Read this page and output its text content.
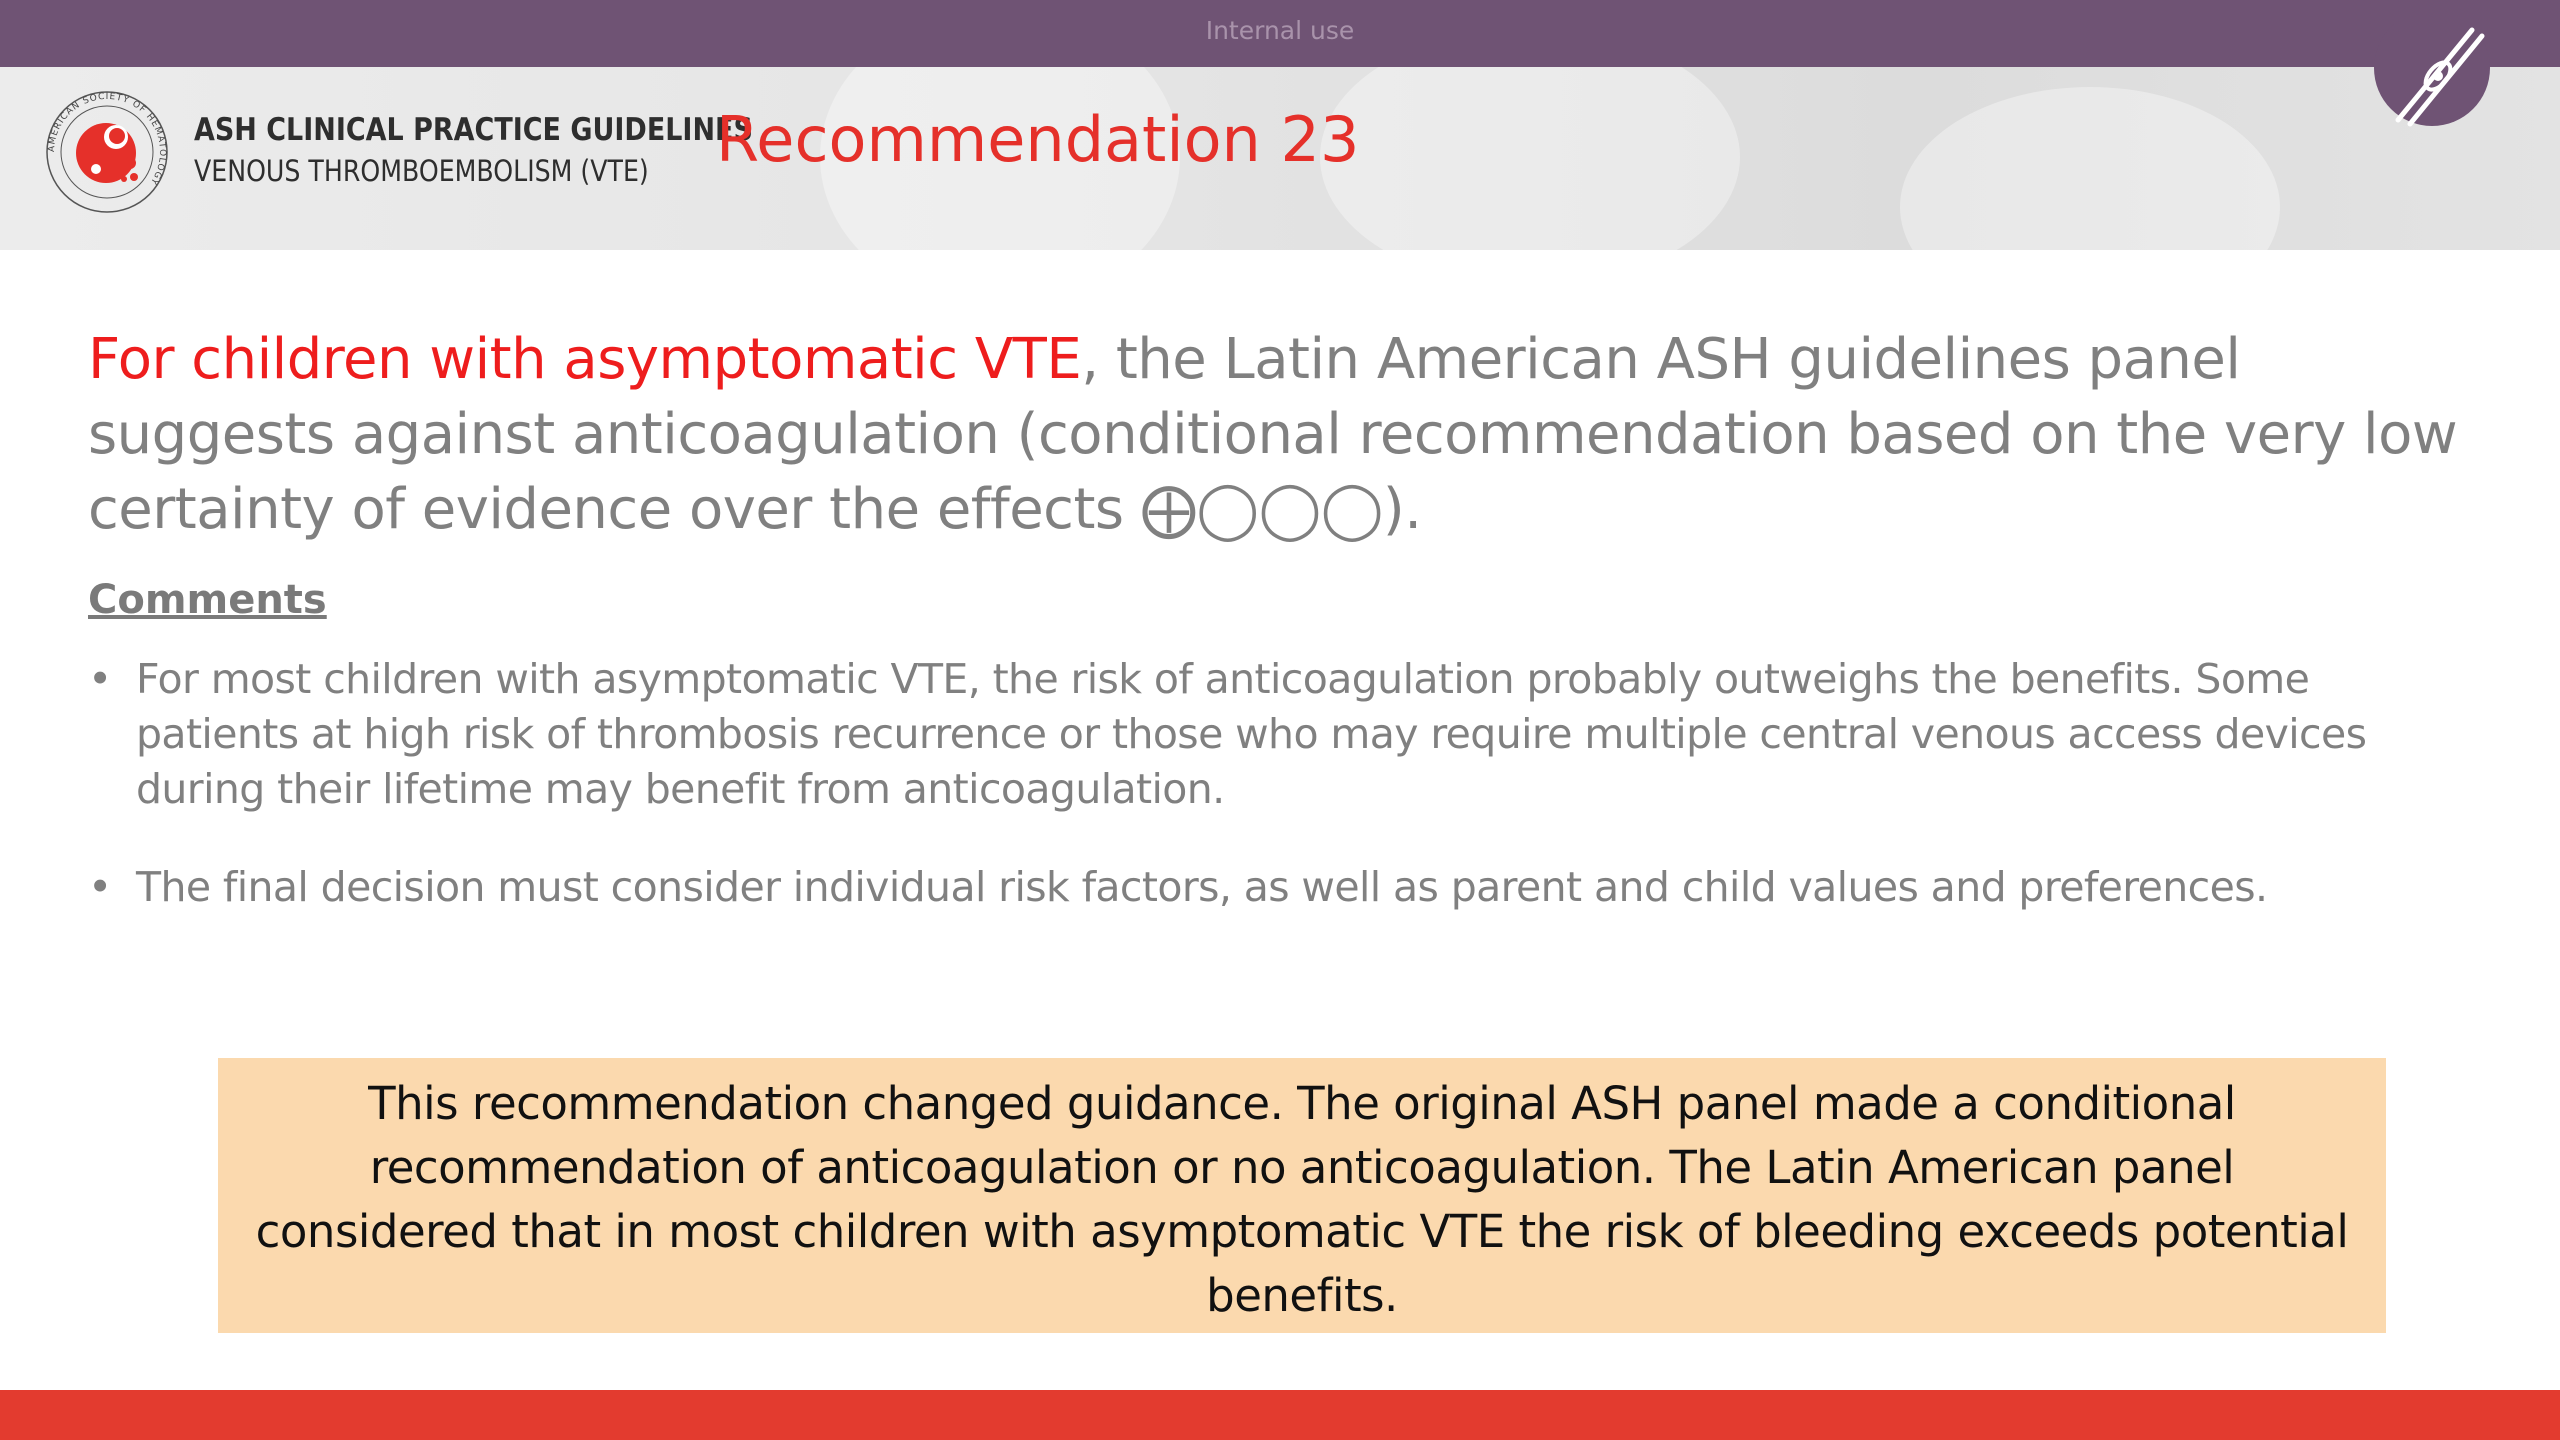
Internal use
AMERICAN SOCIETY OF HEMATOLOGY
ASH CLINICAL PRACTICE GUIDELINES
VENOUS THROMBOEMBOLISM (VTE)	Recommendation 23
For children with asymptomatic VTE, the Latin American ASH guidelines panel suggests against anticoagulation (conditional recommendation based on the very low certainty of evidence over the effects ⨁◯◯◯).
Comments
• For most children with asymptomatic VTE, the risk of anticoagulation probably outweighs the benefits. Some patients at high risk of thrombosis recurrence or those who may require multiple central venous access devices during their lifetime may benefit from anticoagulation.
• The final decision must consider individual risk factors, as well as parent and child values and preferences.
This recommendation changed guidance. The original ASH panel made a conditional recommendation of anticoagulation or no anticoagulation. The Latin American panel considered that in most children with asymptomatic VTE the risk of bleeding exceeds potential benefits.
